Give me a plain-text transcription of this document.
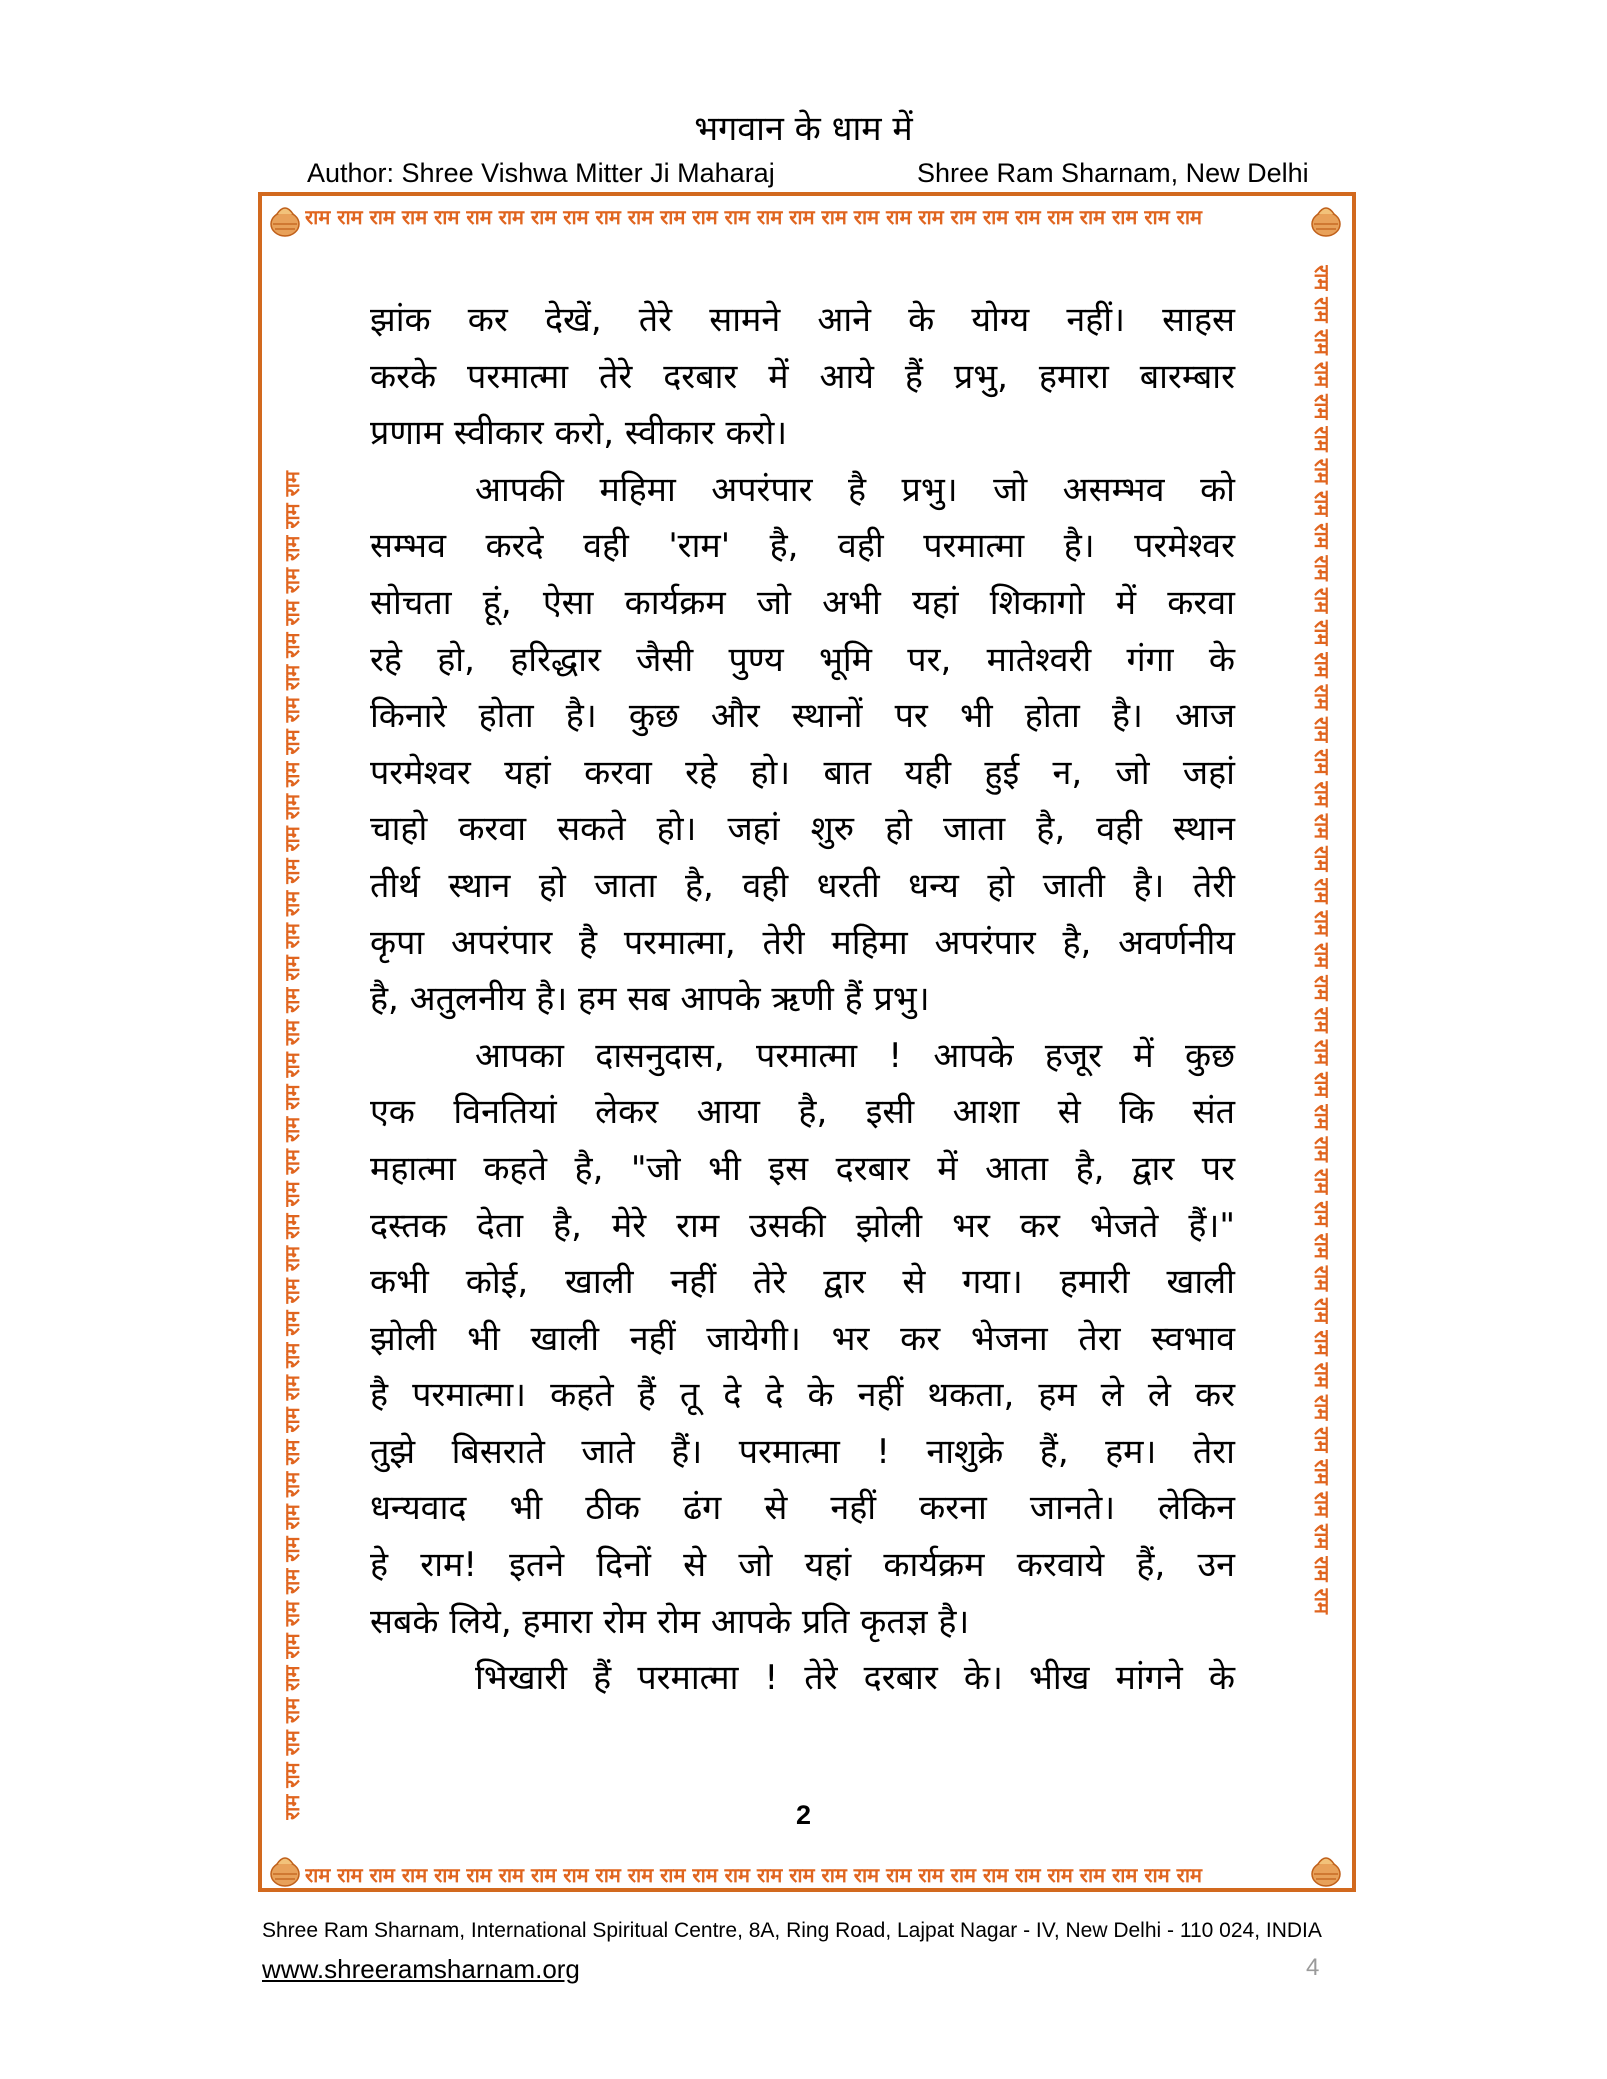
भगवान के धाम में
Author: Shree Vishwa Mitter Ji Maharaj	Shree Ram Sharnam, New Delhi
राम राम राम राम राम राम राम राम राम राम राम राम राम राम राम राम राम राम राम राम राम राम राम राम राम राम राम राम
राम राम राम राम राम राम राम राम राम राम राम राम राम राम राम राम राम राम राम राम राम राम राम राम राम राम राम राम
राम राम राम राम राम राम राम राम राम राम राम राम राम राम राम राम राम राम राम राम राम राम राम राम राम राम राम राम राम राम राम राम राम राम राम राम राम राम राम राम राम राम	राम राम राम राम राम राम राम राम राम राम राम राम राम राम राम राम राम राम राम राम राम राम राम राम राम राम राम राम राम राम राम राम राम राम राम राम राम राम राम राम राम राम
झांक कर देखें, तेरे सामने आने के योग्य नहीं। साहस
करके परमात्मा तेरे दरबार में आये हैं प्रभु, हमारा बारम्बार
प्रणाम स्वीकार करो, स्वीकार करो।
आपकी महिमा अपरंपार है प्रभु। जो असम्भव को
सम्भव करदे वही 'राम' है, वही परमात्मा है। परमेश्वर
सोचता हूं, ऐसा कार्यक्रम जो अभी यहां शिकागो में करवा
रहे हो, हरिद्धार जैसी पुण्य भूमि पर, मातेश्वरी गंगा के
किनारे होता है। कुछ और स्थानों पर भी होता है। आज
परमेश्वर यहां करवा रहे हो। बात यही हुई न, जो जहां
चाहो करवा सकते हो। जहां शुरु हो जाता है, वही स्थान
तीर्थ स्थान हो जाता है, वही धरती धन्य हो जाती है। तेरी
कृपा अपरंपार है परमात्मा, तेरी महिमा अपरंपार है, अवर्णनीय
है, अतुलनीय है। हम सब आपके ऋणी हैं प्रभु।
आपका दासनुदास, परमात्मा ! आपके हजूर में कुछ
एक विनतियां लेकर आया है, इसी आशा से कि संत
महात्मा कहते है, "जो भी इस दरबार में आता है, द्वार पर
दस्तक देता है, मेरे राम उसकी झोली भर कर भेजते हैं।"
कभी कोई, खाली नहीं तेरे द्वार से गया। हमारी खाली
झोली भी खाली नहीं जायेगी। भर कर भेजना तेरा स्वभाव
है परमात्मा। कहते हैं तू दे दे के नहीं थकता, हम ले ले कर
तुझे बिसराते जाते हैं। परमात्मा ! नाशुक्रे हैं, हम। तेरा
धन्यवाद भी ठीक ढंग से नहीं करना जानते। लेकिन
हे राम! इतने दिनों से जो यहां कार्यक्रम करवाये हैं, उन
सबके लिये, हमारा रोम रोम आपके प्रति कृतज्ञ है।
भिखारी हैं परमात्मा ! तेरे दरबार के। भीख मांगने के
2
Shree Ram Sharnam, International Spiritual Centre, 8A, Ring Road, Lajpat Nagar - IV, New Delhi - 110 024, INDIA
www.shreeramsharnam.org	4
